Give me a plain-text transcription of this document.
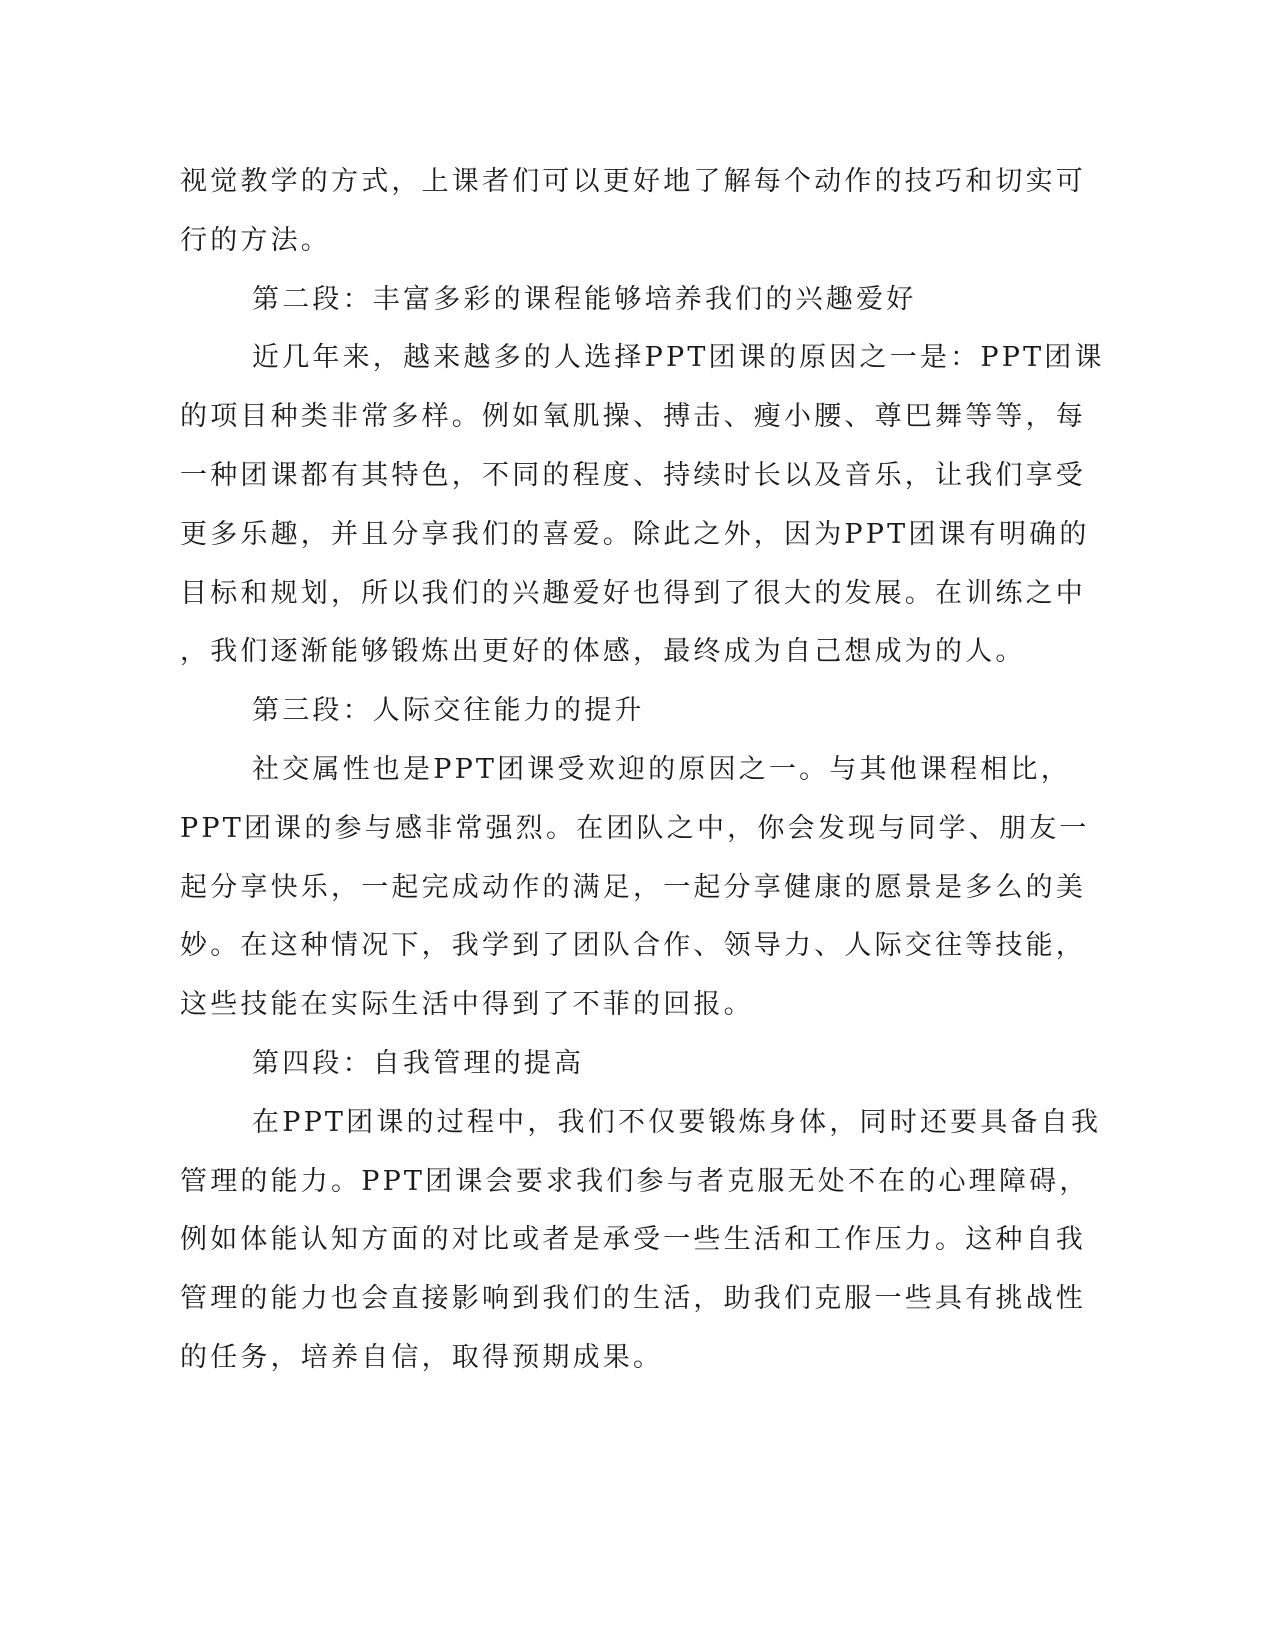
视觉教学的方式，上课者们可以更好地了解每个动作的技巧和切实可
行的方法。
第二段：丰富多彩的课程能够培养我们的兴趣爱好
近几年来，越来越多的人选择PPT团课的原因之一是：PPT团课
的项目种类非常多样。例如氧肌操、搏击、瘦小腰、尊巴舞等等，每
一种团课都有其特色，不同的程度、持续时长以及音乐，让我们享受
更多乐趣，并且分享我们的喜爱。除此之外，因为PPT团课有明确的
目标和规划，所以我们的兴趣爱好也得到了很大的发展。在训练之中
，我们逐渐能够锻炼出更好的体感，最终成为自己想成为的人。
第三段：人际交往能力的提升
社交属性也是PPT团课受欢迎的原因之一。与其他课程相比，
PPT团课的参与感非常强烈。在团队之中，你会发现与同学、朋友一
起分享快乐，一起完成动作的满足，一起分享健康的愿景是多么的美
妙。在这种情况下，我学到了团队合作、领导力、人际交往等技能，
这些技能在实际生活中得到了不菲的回报。
第四段：自我管理的提高
在PPT团课的过程中，我们不仅要锻炼身体，同时还要具备自我
管理的能力。PPT团课会要求我们参与者克服无处不在的心理障碍，
例如体能认知方面的对比或者是承受一些生活和工作压力。这种自我
管理的能力也会直接影响到我们的生活，助我们克服一些具有挑战性
的任务，培养自信，取得预期成果。
